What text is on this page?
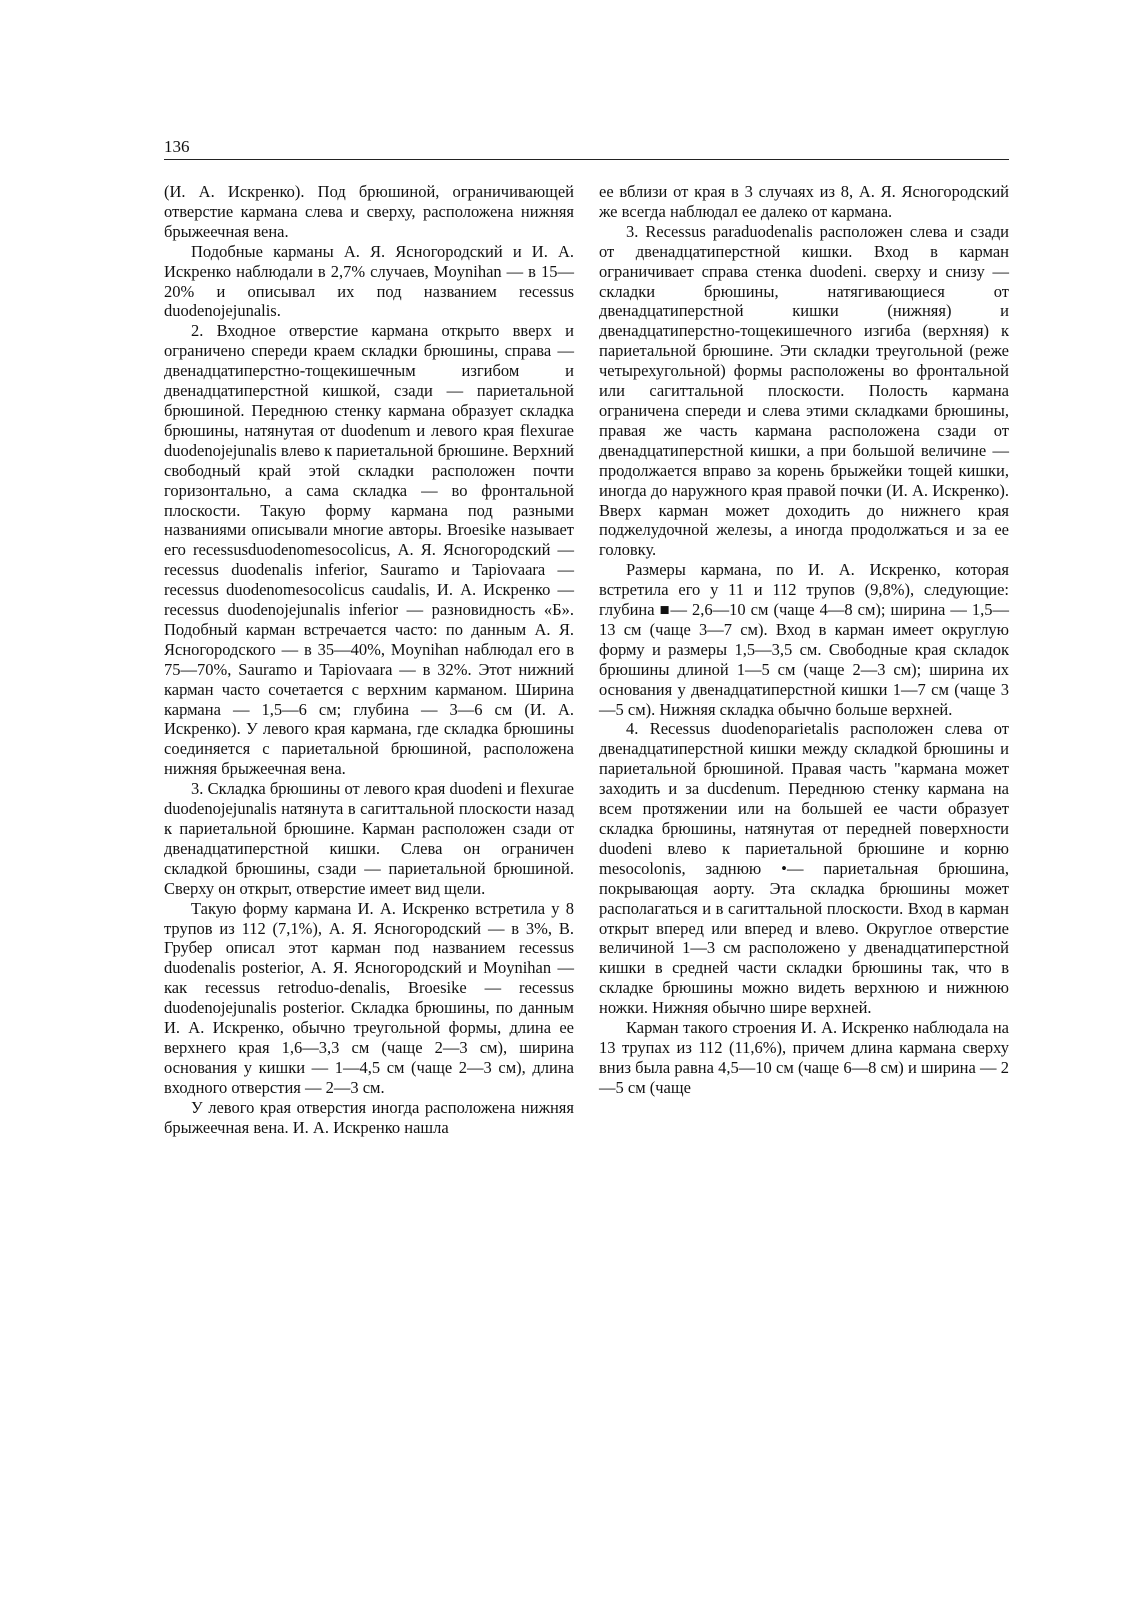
136

(И. А. Искренко). Под брюшиной, ограничивающей отверстие кармана слева и сверху, расположена нижняя брыжеечная вена.

Подобные карманы А. Я. Ясногородский и И. А. Искренко наблюдали в 2,7% случаев, Moynihan — в 15—20% и описывал их под названием recessus duodenojejunalis.

2. Входное отверстие кармана открыто вверх и ограничено спереди краем складки брюшины, справа — двенадцатиперстно-тощекишечным изгибом и двенадцатиперстной кишкой, сзади — париетальной брюшиной. Переднюю стенку кармана образует складка брюшины, натянутая от duodenum и левого края flexurae duodenojejunalis влево к париетальной брюшине. Верхний свободный край этой складки расположен почти горизонтально, а сама складка — во фронтальной плоскости. Такую форму кармана под разными названиями описывали многие авторы. Broesike называет его recessusduodenomesocolicus, А. Я. Ясногородский — recessus duodenalis inferior, Sauramo и Tapiovaara — recessus duodenomesocolicus caudalis, И. А. Искренко — recessus duodenojejunalis inferior — разновидность «Б». Подобный карман встречается часто: по данным А. Я. Ясногородского — в 35—40%, Moynihan наблюдал его в 75—70%, Sauramo и Tapiovaara — в 32%. Этот нижний карман часто сочетается с верхним карманом. Ширина кармана — 1,5—6 см; глубина — 3—6 см (И. А. Искренко). У левого края кармана, где складка брюшины соединяется с париетальной брюшиной, расположена нижняя брыжеечная вена.

3. Складка брюшины от левого края duodeni и flexurae duodenojejunalis натянута в сагиттальной плоскости назад к париетальной брюшине. Карман расположен сзади от двенадцатиперстной кишки. Слева он ограничен складкой брюшины, сзади — париетальной брюшиной. Сверху он открыт, отверстие имеет вид щели.

Такую форму кармана И. А. Искренко встретила у 8 трупов из 112 (7,1%), А. Я. Ясногородский — в 3%, В. Грубер описал этот карман под названием recessus duodenalis posterior, А. Я. Ясногородский и Moynihan — как recessus retroduo-denalis, Broesike — recessus duodenojejunalis posterior. Складка брюшины, по данным И. А. Искренко, обычно треугольной формы, длина ее верхнего края 1,6—3,3 см (чаще 2—3 см), ширина основания у кишки — 1—4,5 см (чаще 2—3 см), длина входного отверстия — 2—3 см.

У левого края отверстия иногда расположена нижняя брыжеечная вена. И. А. Искренко нашла

ее вблизи от края в 3 случаях из 8, А. Я. Ясногородский же всегда наблюдал ее далеко от кармана.

3. Recessus paraduodenalis расположен слева и сзади от двенадцатиперстной кишки. Вход в карман ограничивает справа стенка duodeni. сверху и снизу — складки брюшины, натягивающиеся от двенадцатиперстной кишки (нижняя) и двенадцатиперстно-тощекишечного изгиба (верхняя) к париетальной брюшине. Эти складки треугольной (реже четырехугольной) формы расположены во фронтальной или сагиттальной плоскости. Полость кармана ограничена спереди и слева этими складками брюшины, правая же часть кармана расположена сзади от двенадцатиперстной кишки, а при большой величине — продолжается вправо за корень брыжейки тощей кишки, иногда до наружного края правой почки (И. А. Искренко). Вверх карман может доходить до нижнего края поджелудочной железы, а иногда продолжаться и за ее головку.

Размеры кармана, по И. А. Искренко, которая встретила его у 11 и 112 трупов (9,8%), следующие: глубина ■— 2,6—10 см (чаще 4—8 см); ширина — 1,5—13 см (чаще 3—7 см). Вход в карман имеет округлую форму и размеры 1,5—3,5 см. Свободные края складок брюшины длиной 1—5 см (чаще 2—3 см); ширина их основания у двенадцатиперстной кишки 1—7 см (чаще 3—5 см). Нижняя складка обычно больше верхней.

4. Recessus duodenoparietalis расположен слева от двенадцатиперстной кишки между складкой брюшины и париетальной брюшиной. Правая часть "кармана может заходить и за ducdenum. Переднюю стенку кармана на всем протяжении или на большей ее части образует складка брюшины, натянутая от передней поверхности duodeni влево к париетальной брюшине и корню mesocolonis, заднюю •— париетальная брюшина, покрывающая аорту. Эта складка брюшины может располагаться и в сагиттальной плоскости. Вход в карман открыт вперед или вперед и влево. Округлое отверстие величиной 1—3 см расположено у двенадцатиперстной кишки в средней части складки брюшины так, что в складке брюшины можно видеть верхнюю и нижнюю ножки. Нижняя обычно шире верхней.

Карман такого строения И. А. Искренко наблюдала на 13 трупах из 112 (11,6%), причем длина кармана сверху вниз была равна 4,5—10 см (чаще 6—8 см) и ширина — 2—5 см (чаще
